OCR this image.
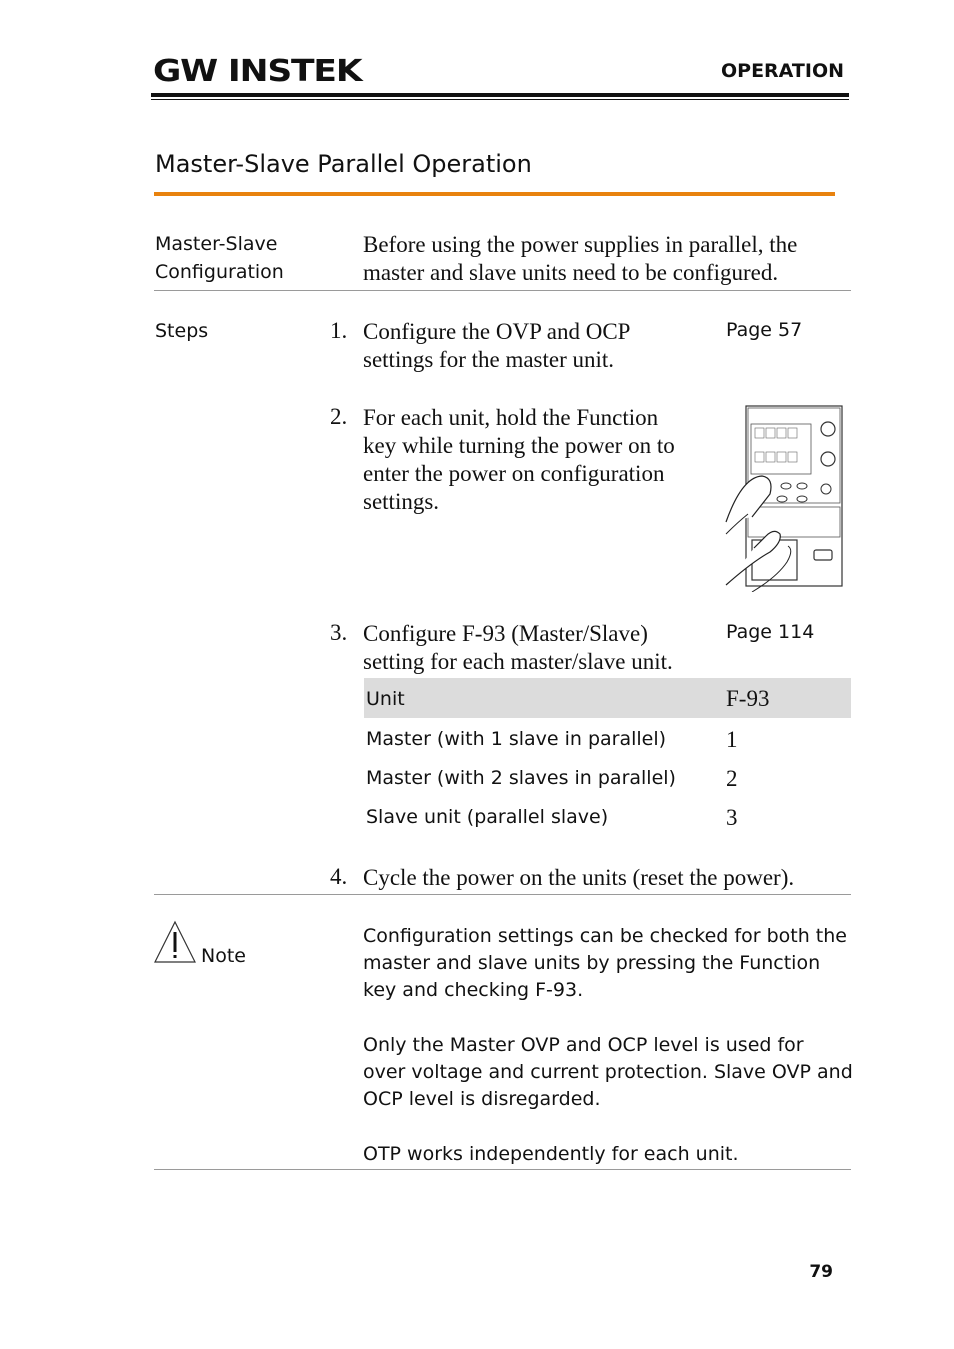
GW INSTEK	OPERATION
Master-Slave Parallel Operation
Master-Slave
Configuration
Before using the power supplies in parallel, the
master and slave units need to be configured.
Steps	1. Configure the OVP and OCP
settings for the master unit.
Page 57
2. For each unit, hold the Function
key while turning the power on to
enter the power on configuration
settings.
3. Configure F-93 (Master/Slave)
setting for each master/slave unit.
Page 114
Unit	F-93
Master (with 1 slave in parallel)	1
Master (with 2 slaves in parallel) 2
Slave unit (parallel slave)	3
4. Cycle the power on the units (reset the power).
Note
Configuration settings can be checked for both the
master and slave units by pressing the Function
key and checking F-93.
Only the Master OVP and OCP level is used for
over voltage and current protection. Slave OVP and
OCP level is disregarded.
OTP works independently for each unit.
79
